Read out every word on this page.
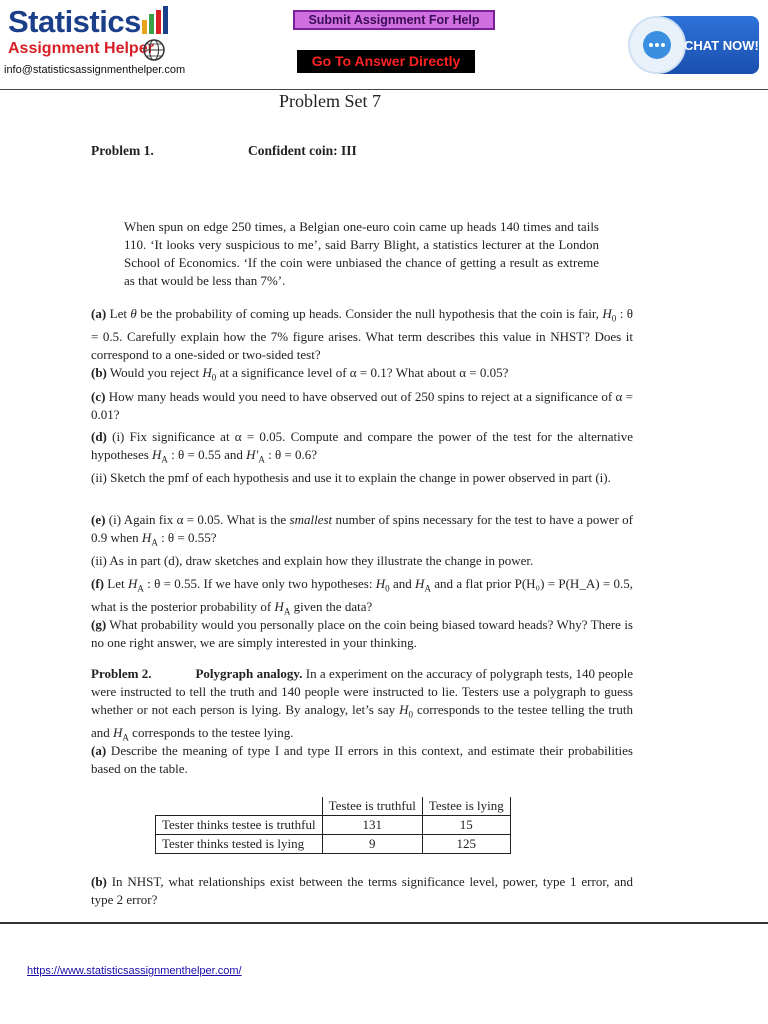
Statistics
Assignment Helper
info@statisticsassignmenthelper.com
Submit Assignment For Help
Go To Answer Directly
CHAT NOW!
Problem Set 7
Problem 1.	Confident coin: III
When spun on edge 250 times, a Belgian one-euro coin came up heads 140 times and tails 110. ‘It looks very suspicious to me’, said Barry Blight, a statistics lecturer at the London School of Economics. ‘If the coin were unbiased the chance of getting a result as extreme as that would be less than 7%’.
(a) Let θ be the probability of coming up heads. Consider the null hypothesis that the coin is fair, $H_0$ : θ = 0.5. Carefully explain how the 7% figure arises. What term describes this value in NHST? Does it correspond to a one-sided or two-sided test?
(b) Would you reject $H_0$ at a significance level of α = 0.1? What about α = 0.05?
(c) How many heads would you need to have observed out of 250 spins to reject at a significance of α = 0.01?
(d) (i) Fix significance at α = 0.05. Compute and compare the power of the test for the alternative hypotheses $H_A$ : θ = 0.55 and $H'_A$ : θ = 0.6?
(ii) Sketch the pmf of each hypothesis and use it to explain the change in power observed in part (i).
(e) (i) Again fix α = 0.05. What is the smallest number of spins necessary for the test to have a power of 0.9 when $H_A$ : θ = 0.55?
(ii) As in part (d), draw sketches and explain how they illustrate the change in power.
(f) Let $H_A$ : θ = 0.55. If we have only two hypotheses: $H_0$ and $H_A$ and a flat prior P(H₀) = P(H_A) = 0.5, what is the posterior probability of $H_A$ given the data?
(g) What probability would you personally place on the coin being biased toward heads? Why? There is no one right answer, we are simply interested in your thinking.
Problem 2.	Polygraph analogy. In a experiment on the accuracy of polygraph tests, 140 people were instructed to tell the truth and 140 people were instructed to lie. Testers use a polygraph to guess whether or not each person is lying. By analogy, let’s say $H_0$ corresponds to the testee telling the truth and $H_A$ corresponds to the testee lying.
(a) Describe the meaning of type I and type II errors in this context, and estimate their probabilities based on the table.
	Testee is truthful	Testee is lying
Tester thinks testee is truthful	131	15
Tester thinks tested is lying	9	125
(b) In NHST, what relationships exist between the terms significance level, power, type 1 error, and type 2 error?
https://www.statisticsassignmenthelper.com/
